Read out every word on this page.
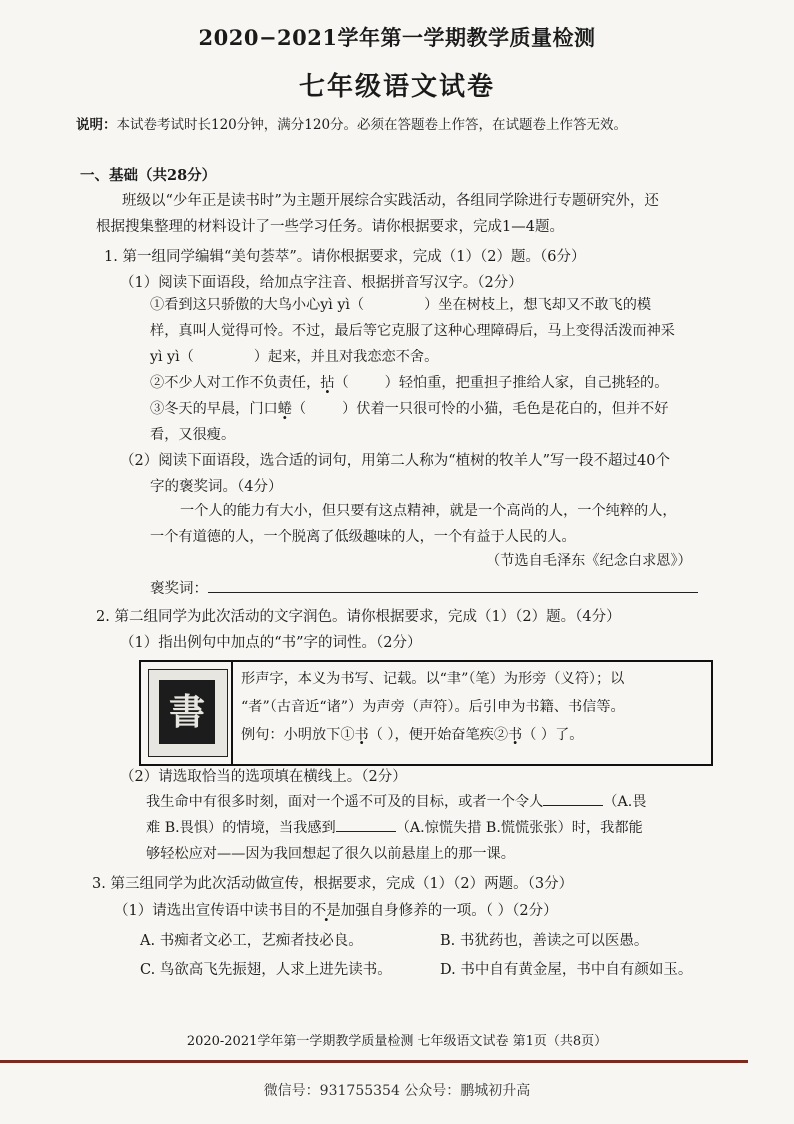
2020−2021学年第一学期教学质量检测
七年级语文试卷
说明：本试卷考试时长120分钟，满分120分。必须在答题卷上作答，在试题卷上作答无效。
一、基础（共28分）
班级以“少年正是读书时”为主题开展综合实践活动，各组同学除进行专题研究外，还
根据搜集整理的材料设计了一些学习任务。请你根据要求，完成1—4题。
1. 第一组同学编辑“美句荟萃”。请你根据要求，完成（1）（2）题。（6分）
（1）阅读下面语段，给加点字注音、根据拼音写汉字。（2分）
①看到这只骄傲的大鸟小心yì yì（	）坐在树枝上，想飞却又不敢飞的模
样，真叫人觉得可怜。不过，最后等它克服了这种心理障碍后，马上变得活泼而神采
yì yì（	）起来，并且对我恋恋不舍。
②不少人对工作不负责任，拈（	）轻怕重，把重担子推给人家，自己挑轻的。
③冬天的早晨，门口蜷（	）伏着一只很可怜的小猫，毛色是花白的，但并不好
看，又很瘦。
（2）阅读下面语段，选合适的词句，用第二人称为“植树的牧羊人”写一段不超过40个
字的褒奖词。（4分）
一个人的能力有大小，但只要有这点精神，就是一个高尚的人，一个纯粹的人，
一个有道德的人，一个脱离了低级趣味的人，一个有益于人民的人。
（节选自毛泽东《纪念白求恩》）
褒奖词：
2. 第二组同学为此次活动的文字润色。请你根据要求，完成（1）（2）题。（4分）
（1）指出例句中加点的“书”字的词性。（2分）
書
形声字，本义为书写、记载。以“聿”（笔）为形旁（义符）；以
“者”（古音近“诸”）为声旁（声符）。后引申为书籍、书信等。
例句：小明放下①书（ ），便开始奋笔疾②书（ ）了。
（2）请选取恰当的选项填在横线上。（2分）
我生命中有很多时刻，面对一个遥不可及的目标，或者一个令人	（A.畏
难 B.畏惧）的情境，当我感到	（A.惊慌失措 B.慌慌张张）时，我都能
够轻松应对——因为我回想起了很久以前悬崖上的那一课。
3. 第三组同学为此次活动做宣传，根据要求，完成（1）（2）两题。（3分）
（1）请选出宣传语中读书目的不是加强自身修养的一项。（ ）（2分）
A. 书痴者文必工，艺痴者技必良。	B. 书犹药也，善读之可以医愚。
C. 鸟欲高飞先振翅，人求上进先读书。	D. 书中自有黄金屋，书中自有颜如玉。
2020-2021学年第一学期教学质量检测 七年级语文试卷 第1页（共8页）
微信号：931755354 公众号：鹏城初升高
